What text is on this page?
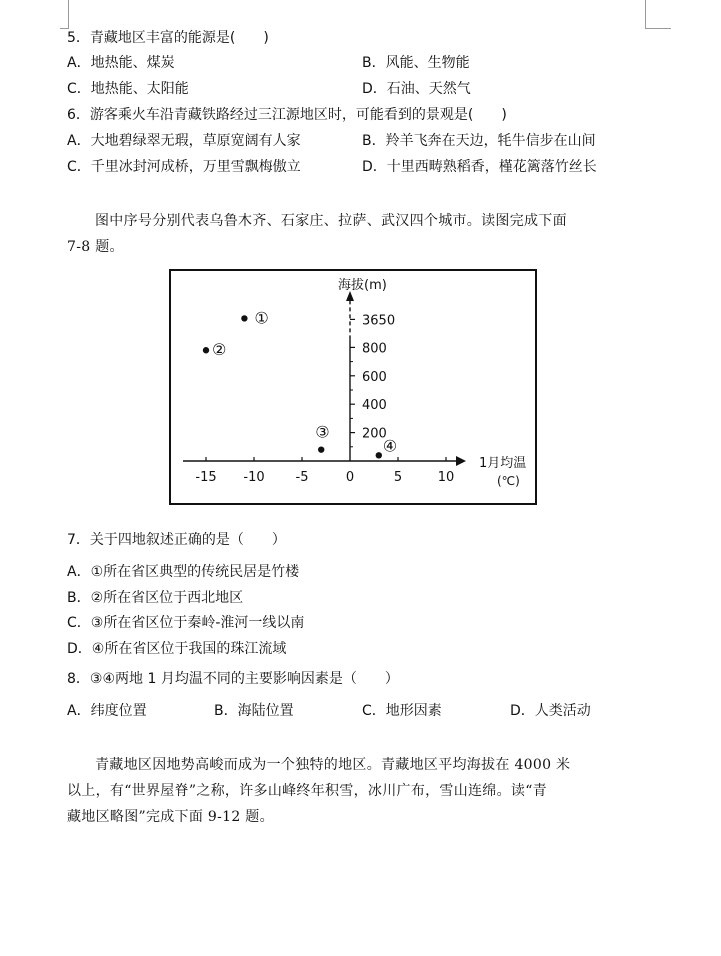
5．青藏地区丰富的能源是(　　)
A．地热能、煤炭	B．风能、生物能
C．地热能、太阳能	D．石油、天然气
6．游客乘火车沿青藏铁路经过三江源地区时，可能看到的景观是(　　)
A．大地碧绿翠无瑕，草原宽阔有人家	B．羚羊飞奔在天边，牦牛信步在山间
C．千里冰封河成桥，万里雪飘梅傲立	D．十里西畴熟稻香，槿花篱落竹丝长
图中序号分别代表乌鲁木齐、石家庄、拉萨、武汉四个城市。读图完成下面
7-8 题。
-15 -10 -5	0	5	10
200
400
600
800
3650
海拔(m)
1月均温
(℃)
①
②
③
④
7．关于四地叙述正确的是（　　）
A．①所在省区典型的传统民居是竹楼
B．②所在省区位于西北地区
C．③所在省区位于秦岭-淮河一线以南
D．④所在省区位于我国的珠江流域
8．③④两地 1 月均温不同的主要影响因素是（　　）
A．纬度位置	B．海陆位置	C．地形因素	D．人类活动
青藏地区因地势高峻而成为一个独特的地区。青藏地区平均海拔在 4000 米
以上，有“世界屋脊”之称，许多山峰终年积雪，冰川广布，雪山连绵。读“青
藏地区略图”完成下面 9-12 题。
